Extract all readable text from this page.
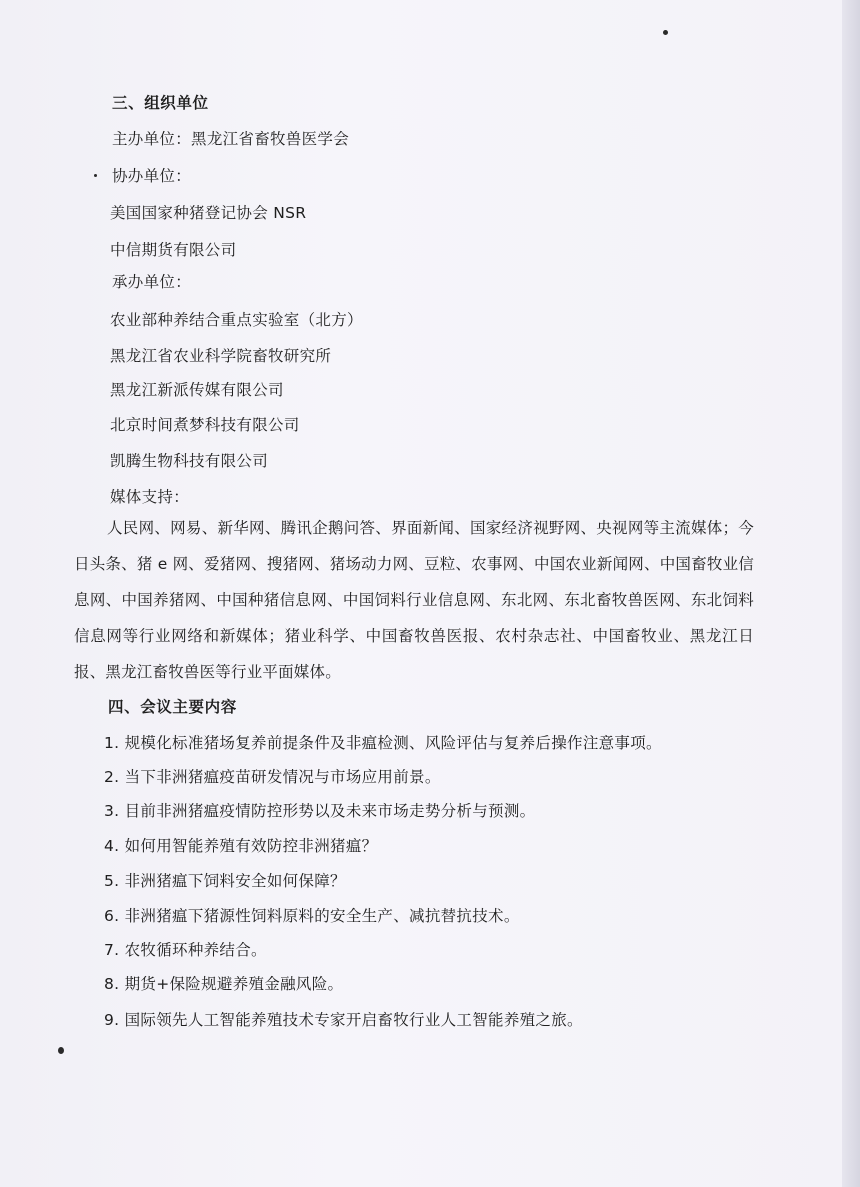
三、组织单位
主办单位：黑龙江省畜牧兽医学会
协办单位：
美国国家种猪登记协会 NSR
中信期货有限公司
承办单位：
农业部种养结合重点实验室（北方）
黑龙江省农业科学院畜牧研究所
黑龙江新派传媒有限公司
北京时间煮梦科技有限公司
凯腾生物科技有限公司
媒体支持：

人民网、网易、新华网、腾讯企鹅问答、界面新闻、国家经济视野网、央视网等主流媒体；今日头条、猪 e 网、爱猪网、搜猪网、猪场动力网、豆粒、农事网、中国农业新闻网、中国畜牧业信息网、中国养猪网、中国种猪信息网、中国饲料行业信息网、东北网、东北畜牧兽医网、东北饲料信息网等行业网络和新媒体；猪业科学、中国畜牧兽医报、农村杂志社、中国畜牧业、黑龙江日报、黑龙江畜牧兽医等行业平面媒体。

四、会议主要内容
1. 规模化标准猪场复养前提条件及非瘟检测、风险评估与复养后操作注意事项。
2. 当下非洲猪瘟疫苗研发情况与市场应用前景。
3. 目前非洲猪瘟疫情防控形势以及未来市场走势分析与预测。
4. 如何用智能养殖有效防控非洲猪瘟？
5. 非洲猪瘟下饲料安全如何保障？
6. 非洲猪瘟下猪源性饲料原料的安全生产、减抗替抗技术。
7. 农牧循环种养结合。
8. 期货+保险规避养殖金融风险。
9. 国际领先人工智能养殖技术专家开启畜牧行业人工智能养殖之旅。
